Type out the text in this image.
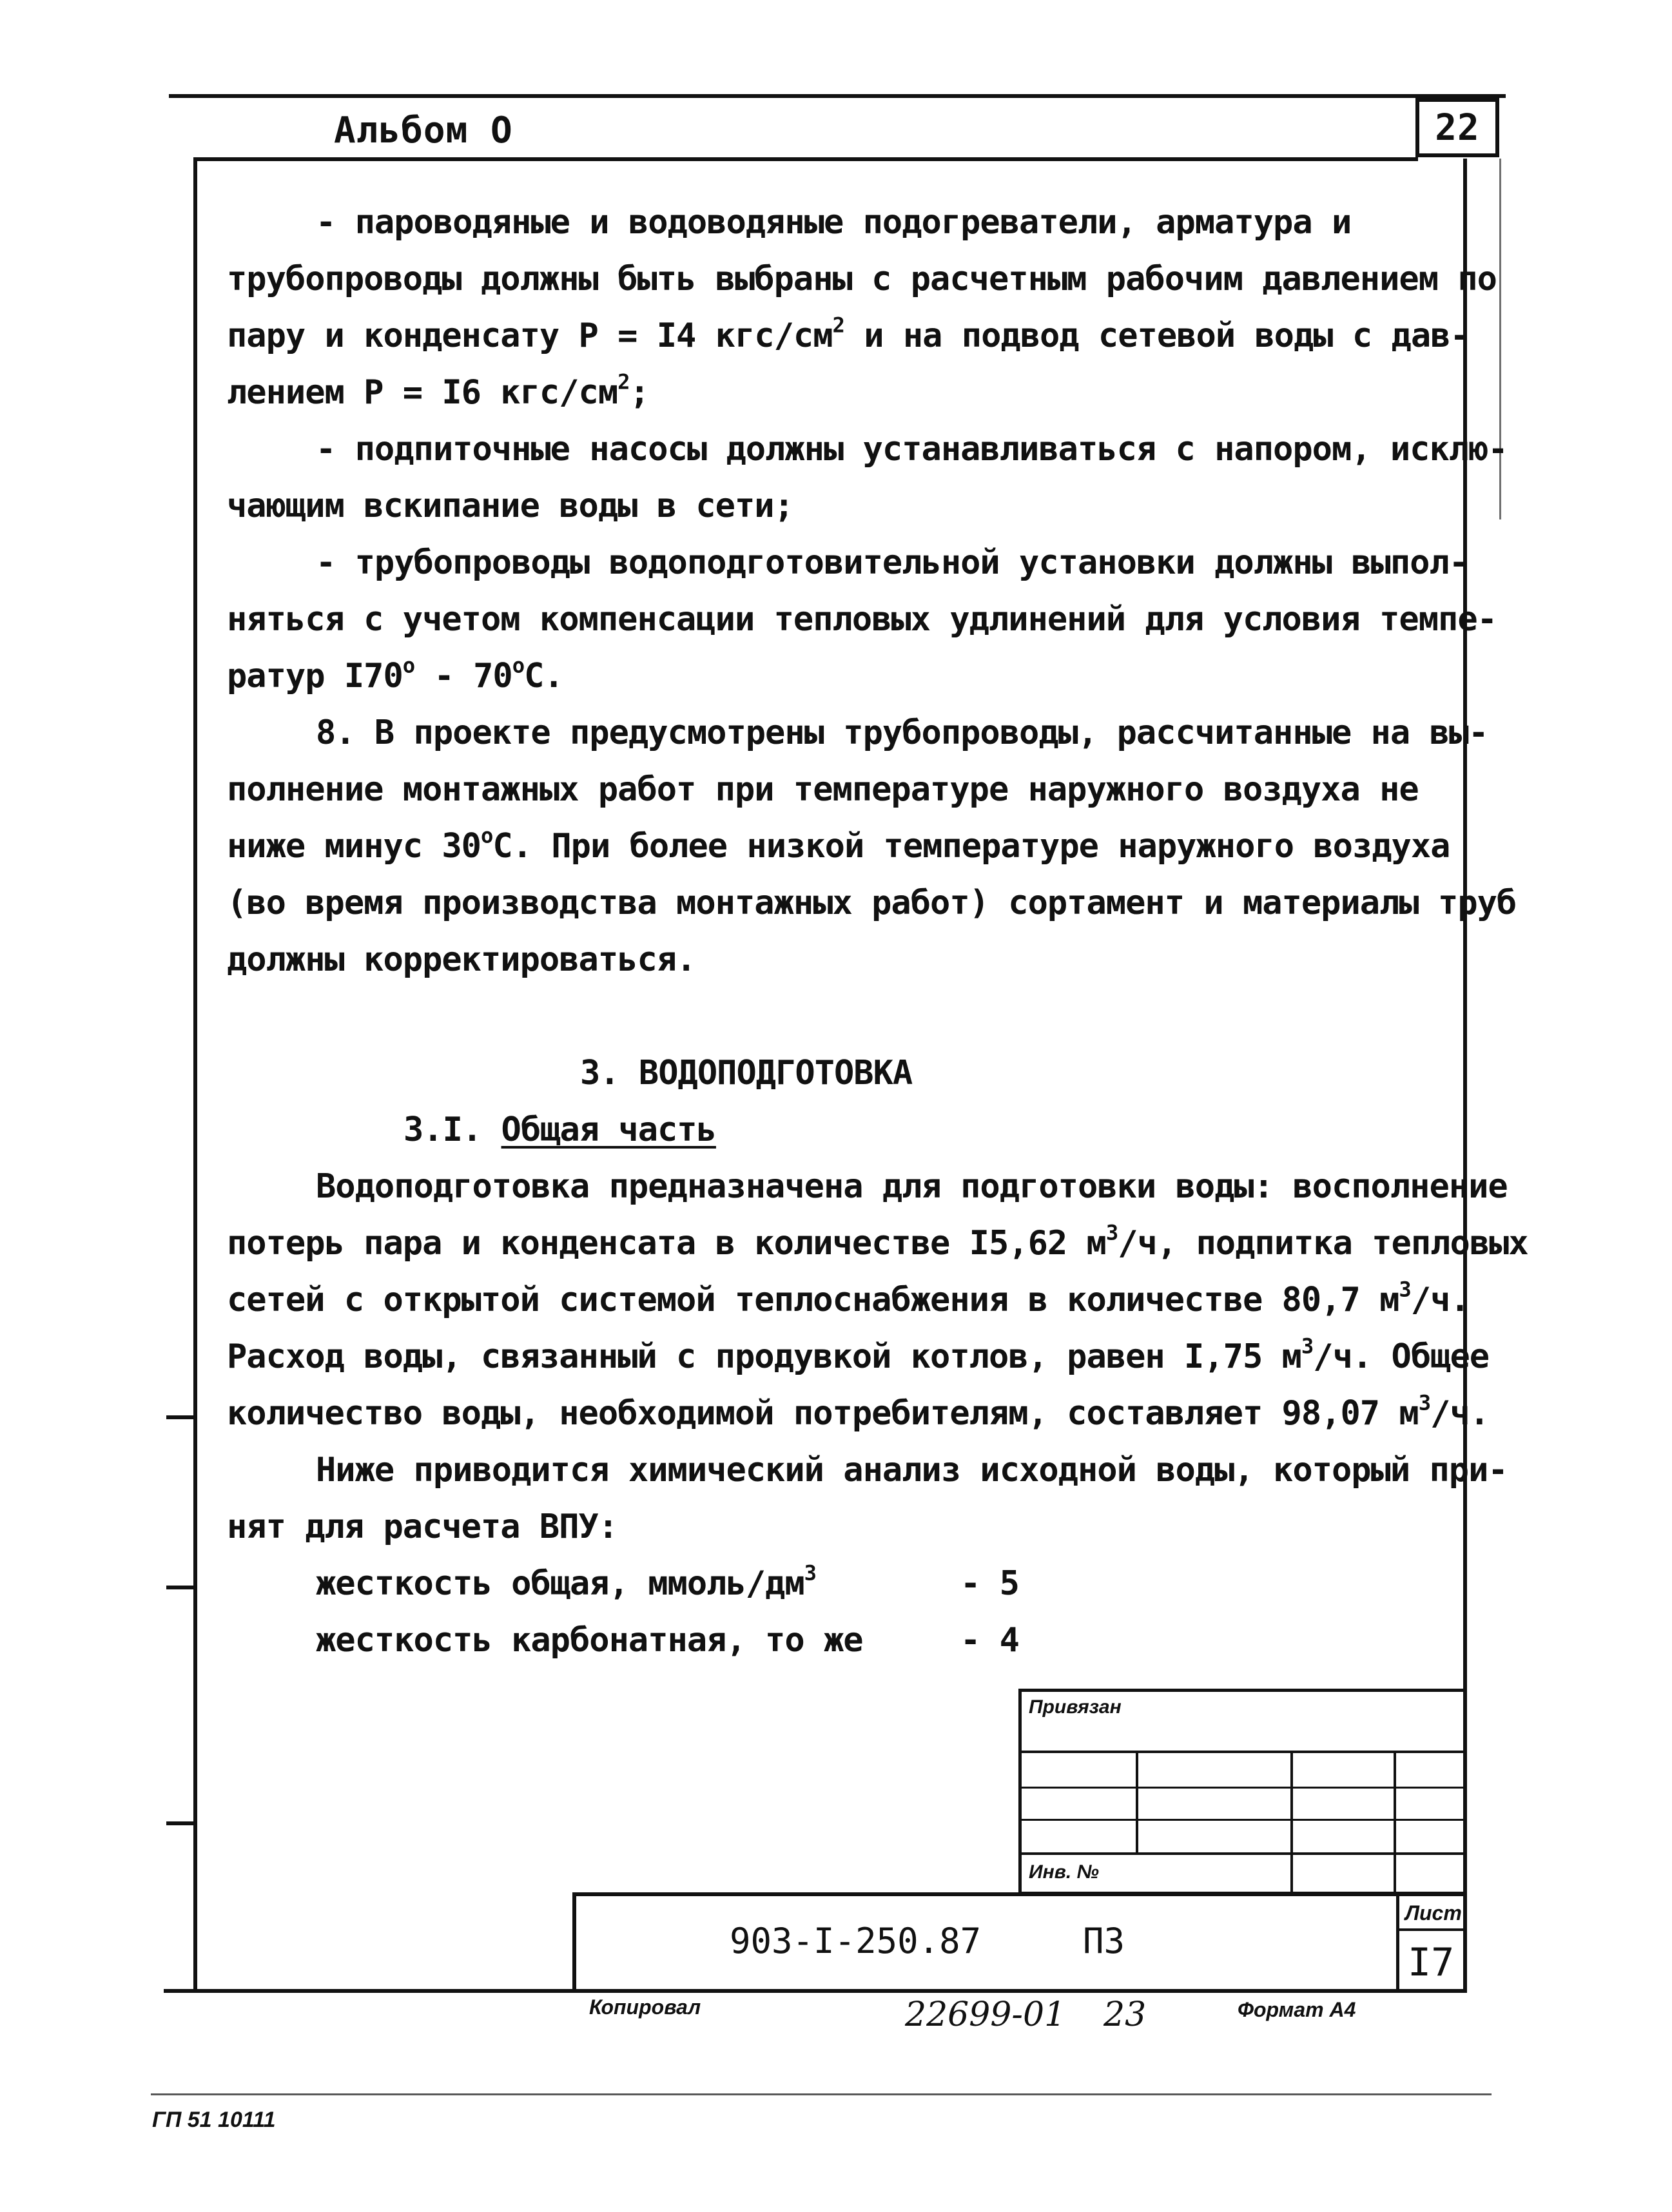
22
Альбом О
- пароводяные и водоводяные подогреватели, арматура и
трубопроводы должны быть выбраны с расчетным рабочим давлением по
пару и конденсату Р = I4 кгс/$см^2$ и на подвод сетевой воды с дав-
лением Р = I6 кгс/$см^2$;
- подпиточные насосы должны устанавливаться с напором, исклю-
чающим вскипание воды в сети;
- трубопроводы водоподготовительной установки должны выпол-
няться с учетом компенсации тепловых удлинений для условия темпе-
ратур I70$^o$ - 70$^o$С.
8. В проекте предусмотрены трубопроводы, рассчитанные на вы-
полнение монтажных работ при температуре наружного воздуха не
ниже минус 30$^o$С. При более низкой температуре наружного воздуха
(во время производства монтажных работ) сортамент и материалы труб
должны корректироваться.
3. ВОДОПОДГОТОВКА
3.I. Общая часть
Водоподготовка предназначена для подготовки воды: восполнение
потерь пара и конденсата в количестве I5,62 $м^3/ч$, подпитка тепловых
сетей с открытой системой теплоснабжения в количестве 80,7 $м^3/ч$.
Расход воды, связанный с продувкой котлов, равен I,75 $м^3/ч$. Общее
количество воды, необходимой потребителям, составляет 98,07 $м^3/ч$.
Ниже приводится химический анализ исходной воды, который при-
нят для расчета ВПУ:
жесткость общая, ммоль/$дм^3$	- 5
жесткость карбонатная, то же	- 4
Привязан
Инв. №
903-I-250.87	ПЗ
Лист
I7
Копировал	22699-01 23	Формат А4
ГП 51 10111
